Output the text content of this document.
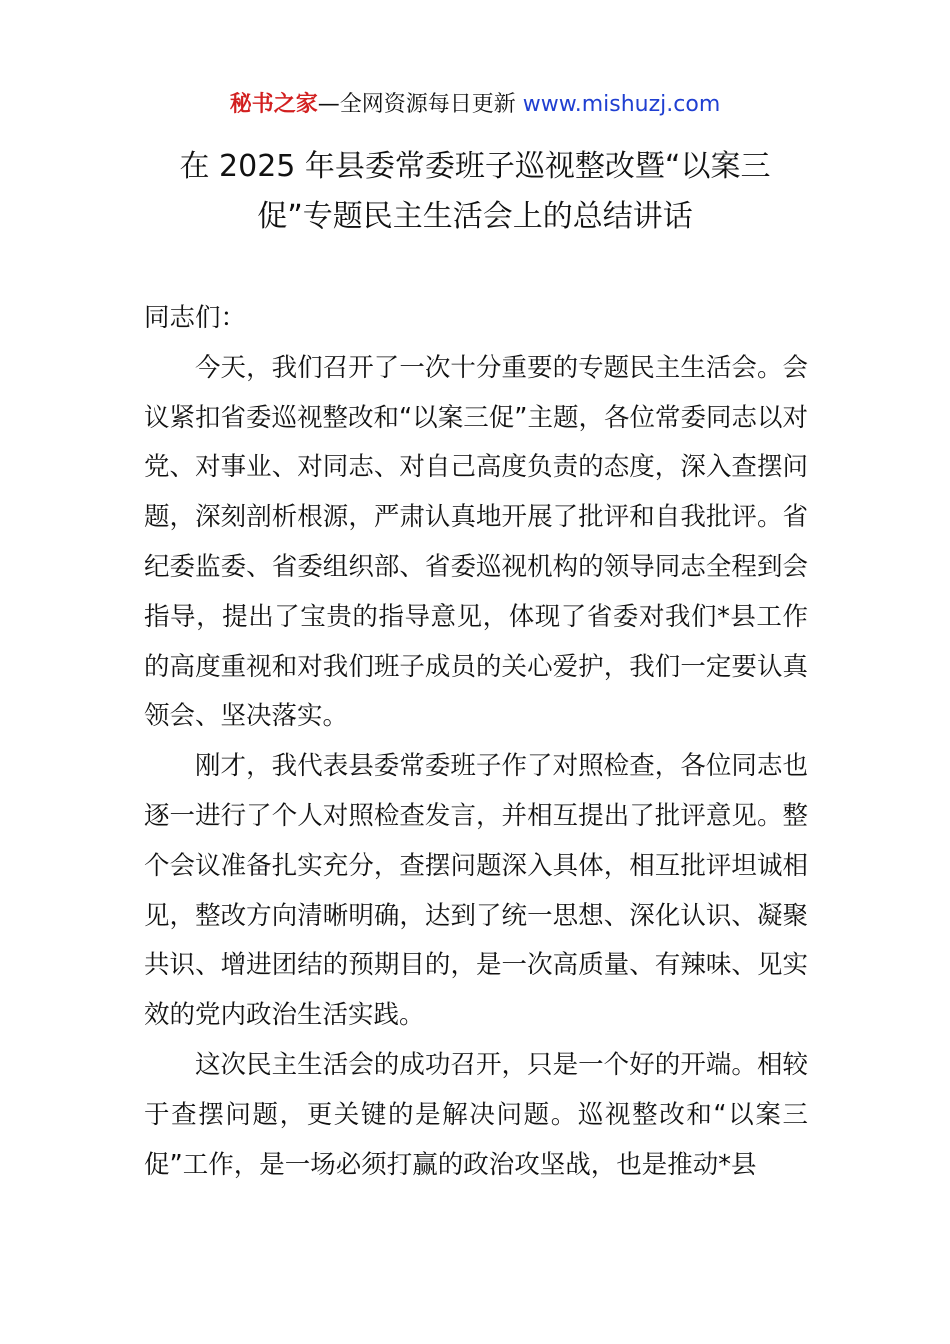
秘书之家—全网资源每日更新 www.mishuzj.com
在 2025 年县委常委班子巡视整改暨“以案三
促”专题民主生活会上的总结讲话

同志们：

今天，我们召开了一次十分重要的专题民主生活会。会议紧扣省委巡视整改和“以案三促”主题，各位常委同志以对党、对事业、对同志、对自己高度负责的态度，深入查摆问题，深刻剖析根源，严肃认真地开展了批评和自我批评。省纪委监委、省委组织部、省委巡视机构的领导同志全程到会指导，提出了宝贵的指导意见，体现了省委对我们*县工作的高度重视和对我们班子成员的关心爱护，我们一定要认真领会、坚决落实。

刚才，我代表县委常委班子作了对照检查，各位同志也逐一进行了个人对照检查发言，并相互提出了批评意见。整个会议准备扎实充分，查摆问题深入具体，相互批评坦诚相见，整改方向清晰明确，达到了统一思想、深化认识、凝聚共识、增进团结的预期目的，是一次高质量、有辣味、见实效的党内政治生活实践。

这次民主生活会的成功召开，只是一个好的开端。相较于查摆问题，更关键的是解决问题。巡视整改和“以案三促”工作，是一场必须打赢的政治攻坚战，也是推动*县
